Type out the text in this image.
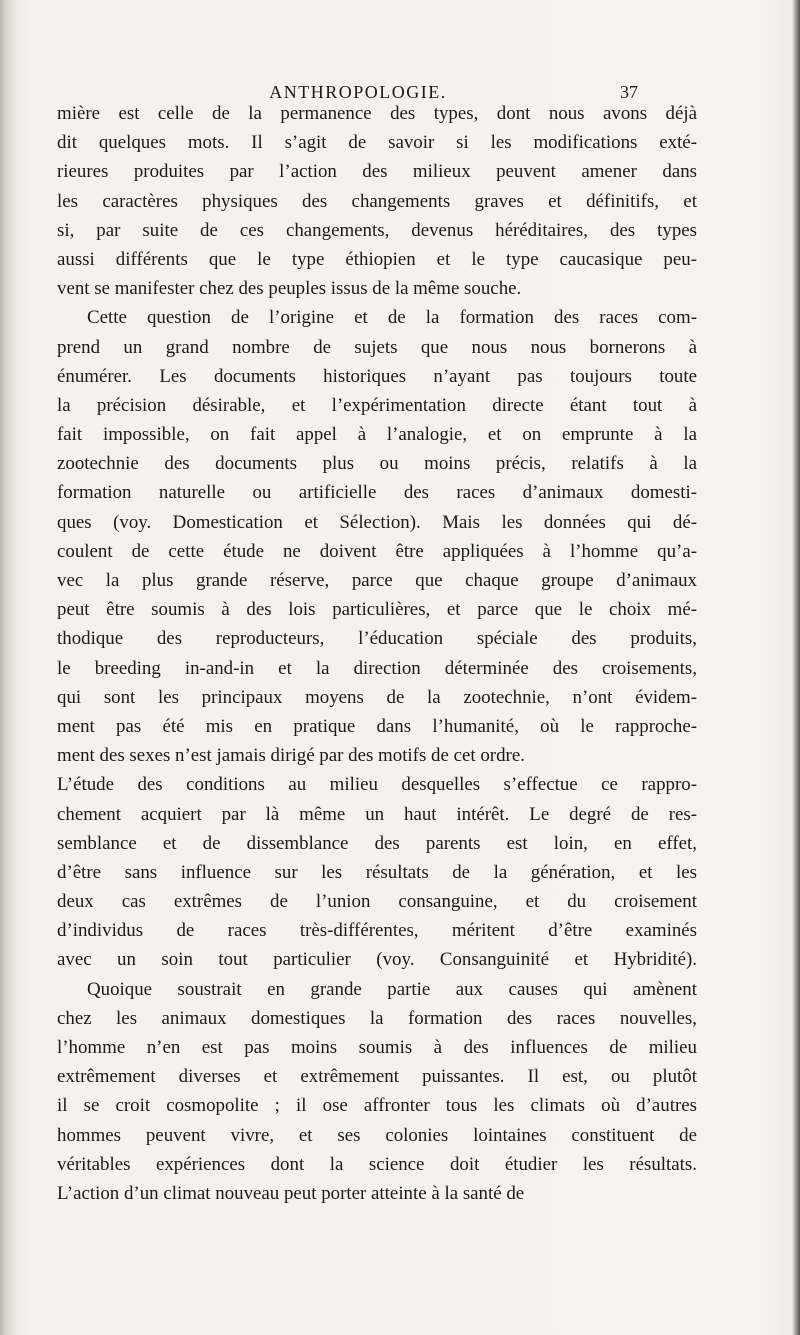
ANTHROPOLOGIE.	37
mière est celle de la permanence des types, dont nous avons déjà
dit quelques mots. Il s’agit de savoir si les modifications exté-
rieures produites par l’action des milieux peuvent amener dans
les caractères physiques des changements graves et définitifs, et
si, par suite de ces changements, devenus héréditaires, des types
aussi différents que le type éthiopien et le type caucasique peu-
vent se manifester chez des peuples issus de la même souche.
Cette question de l’origine et de la formation des races com-
prend un grand nombre de sujets que nous nous bornerons à
énumérer. Les documents historiques n’ayant pas toujours toute
la précision désirable, et l’expérimentation directe étant tout à
fait impossible, on fait appel à l’analogie, et on emprunte à la
zootechnie des documents plus ou moins précis, relatifs à la
formation naturelle ou artificielle des races d’animaux domesti-
ques (voy. Domestication et Sélection). Mais les données qui dé-
coulent de cette étude ne doivent être appliquées à l’homme qu’a-
vec la plus grande réserve, parce que chaque groupe d’animaux
peut être soumis à des lois particulières, et parce que le choix mé-
thodique des reproducteurs, l’éducation spéciale des produits,
le breeding in-and-in et la direction déterminée des croisements,
qui sont les principaux moyens de la zootechnie, n’ont évidem-
ment pas été mis en pratique dans l’humanité, où le rapproche-
ment des sexes n’est jamais dirigé par des motifs de cet ordre.
L’étude des conditions au milieu desquelles s’effectue ce rappro-
chement acquiert par là même un haut intérêt. Le degré de res-
semblance et de dissemblance des parents est loin, en effet,
d’être sans influence sur les résultats de la génération, et les
deux cas extrêmes de l’union consanguine, et du croisement
d’individus de races très-différentes, méritent d’être examinés
avec un soin tout particulier (voy. Consanguinité et Hybridité).
Quoique soustrait en grande partie aux causes qui amènent
chez les animaux domestiques la formation des races nouvelles,
l’homme n’en est pas moins soumis à des influences de milieu
extrêmement diverses et extrêmement puissantes. Il est, ou plutôt
il se croit cosmopolite ; il ose affronter tous les climats où d’autres
hommes peuvent vivre, et ses colonies lointaines constituent de
véritables expériences dont la science doit étudier les résultats.
L’action d’un climat nouveau peut porter atteinte à la santé de
